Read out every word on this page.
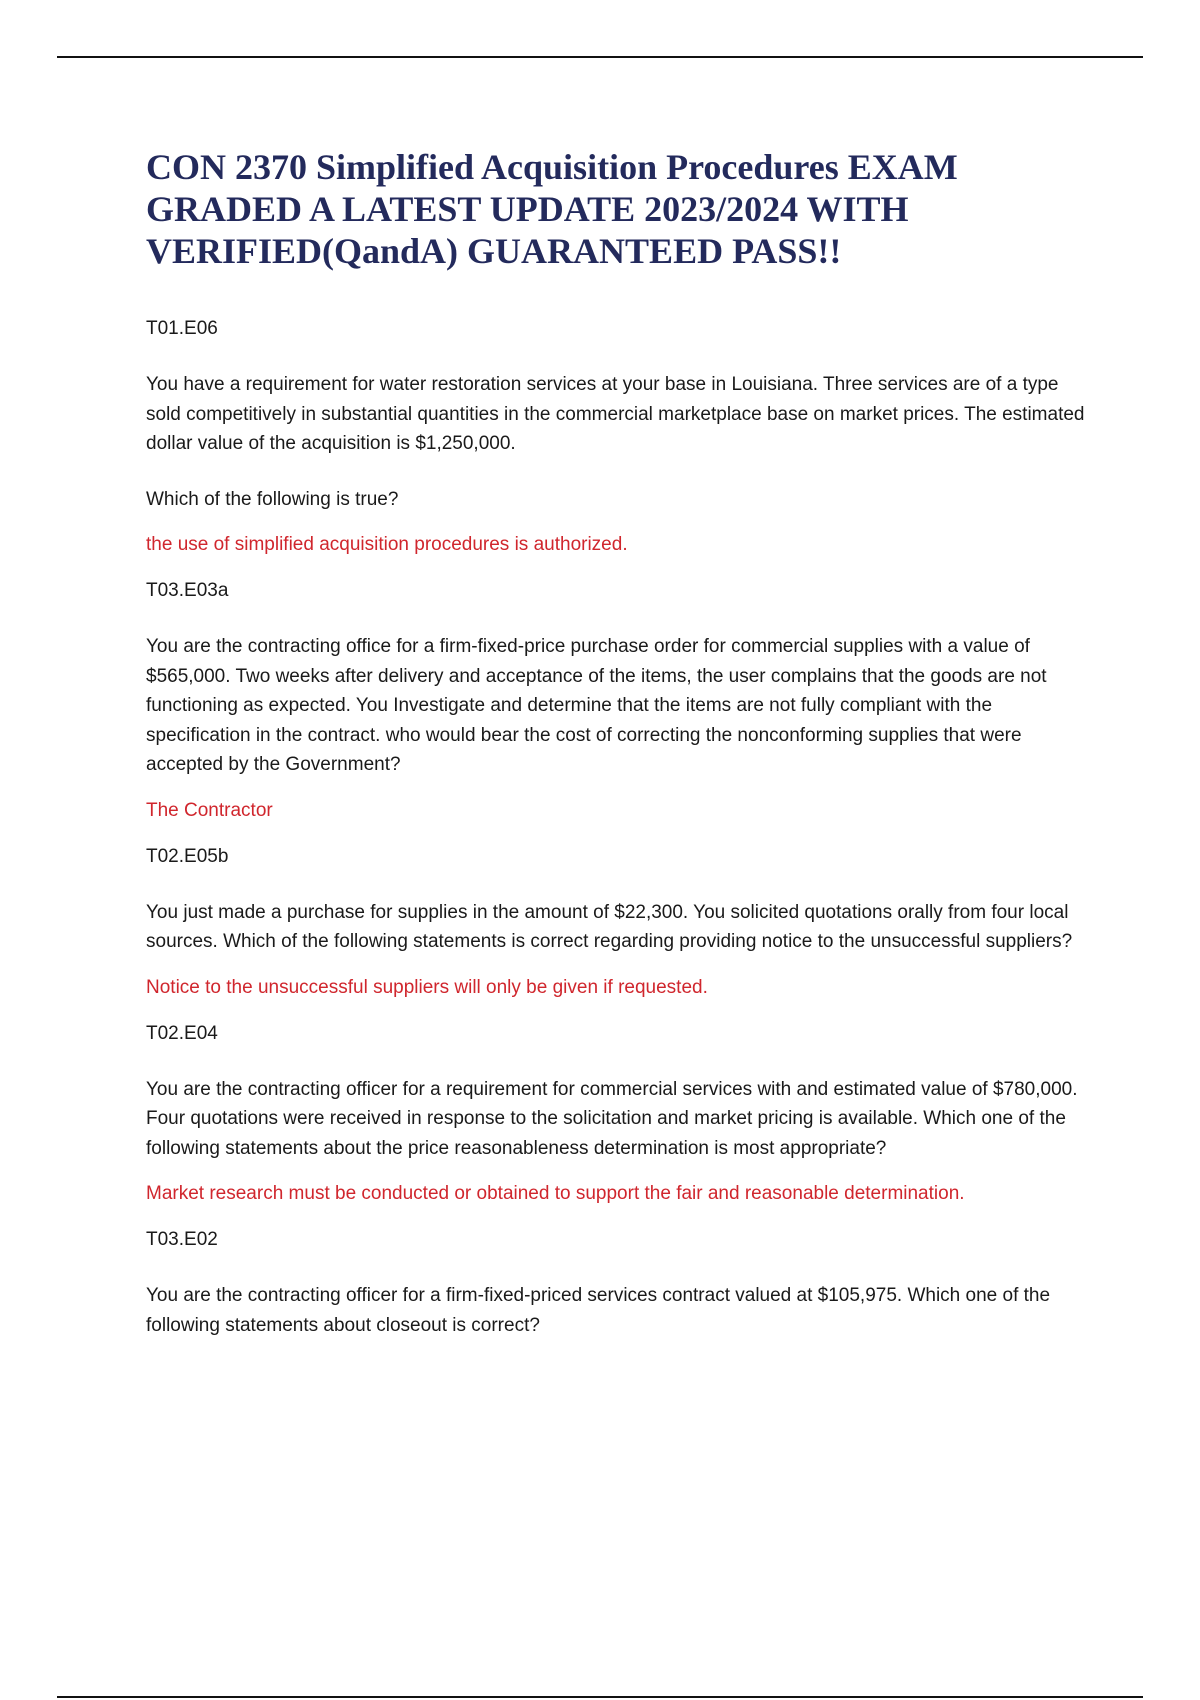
CON 2370 Simplified Acquisition Procedures EXAM GRADED A LATEST UPDATE 2023/2024 WITH VERIFIED(QandA) GUARANTEED PASS!!

T01.E06

You have a requirement for water restoration services at your base in Louisiana. Three services are of a type sold competitively in substantial quantities in the commercial marketplace base on market prices. The estimated dollar value of the acquisition is $1,250,000.

Which of the following is true?

the use of simplified acquisition procedures is authorized.

T03.E03a

You are the contracting office for a firm-fixed-price purchase order for commercial supplies with a value of $565,000. Two weeks after delivery and acceptance of the items, the user complains that the goods are not functioning as expected. You Investigate and determine that the items are not fully compliant with the specification in the contract. who would bear the cost of correcting the nonconforming supplies that were accepted by the Government?

The Contractor

T02.E05b

You just made a purchase for supplies in the amount of $22,300. You solicited quotations orally from four local sources. Which of the following statements is correct regarding providing notice to the unsuccessful suppliers?

Notice to the unsuccessful suppliers will only be given if requested.

T02.E04

You are the contracting officer for a requirement for commercial services with and estimated value of $780,000. Four quotations were received in response to the solicitation and market pricing is available. Which one of the following statements about the price reasonableness determination is most appropriate?

Market research must be conducted or obtained to support the fair and reasonable determination.

T03.E02

You are the contracting officer for a firm-fixed-priced services contract valued at $105,975. Which one of the following statements about closeout is correct?
